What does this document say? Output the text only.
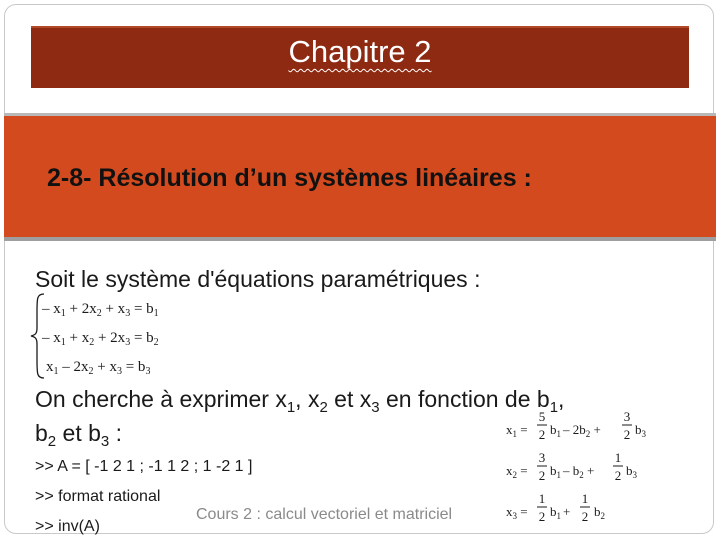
Chapitre 2
2-8- Résolution d’un systèmes linéaires :
Soit le système d'équations paramétriques :
– $x_1 + 2x_2 + x_3 = b_1$
– $x_1 + x_2 + 2x_3 = b_2$
$x_1 - 2x_2 + x_3 = b_3$
On cherche à exprimer $x_1$, $x_2$ et $x_3$ en fonction de $b_1$,
$b_2$ et $b_3$ :	$x_1$ =
5
2 $b_1 - 2b_2$ +
3
2 $b_3$
$x_2$ =
3
2 $b_1 - b_2$ +
1
2 $b_3$
$x_3$ =
1
2 $b_1$ +
1
2 $b_2$
>> A = [ -1 2 1 ; -1 1 2 ; 1 -2 1 ]
>> format rational
>> inv(A)
Cours 2 : calcul vectoriel et matriciel
